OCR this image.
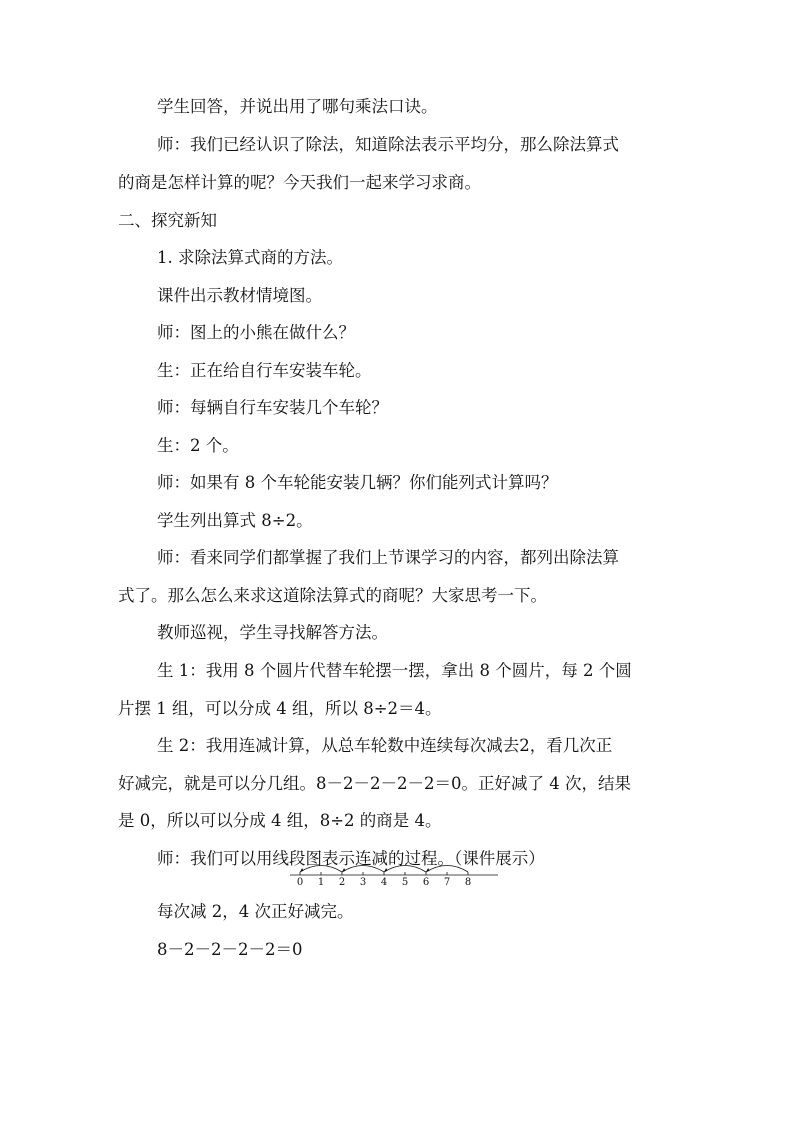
学生回答，并说出用了哪句乘法口诀。
师：我们已经认识了除法，知道除法表示平均分，那么除法算式
的商是怎样计算的呢？今天我们一起来学习求商。
二、探究新知
1. 求除法算式商的方法。
课件出示教材情境图。
师：图上的小熊在做什么？
生：正在给自行车安装车轮。
师：每辆自行车安装几个车轮？
生：2 个。
师：如果有 8 个车轮能安装几辆？你们能列式计算吗？
学生列出算式 8÷2。
师：看来同学们都掌握了我们上节课学习的内容，都列出除法算
式了。那么怎么来求这道除法算式的商呢？大家思考一下。
教师巡视，学生寻找解答方法。
生 1：我用 8 个圆片代替车轮摆一摆，拿出 8 个圆片，每 2 个圆
片摆 1 组，可以分成 4 组，所以 8÷2＝4。
生 2：我用连减计算，从总车轮数中连续每次减去2，看几次正
好减完，就是可以分几组。8－2－2－2－2＝0。正好减了 4 次，结果
是 0，所以可以分成 4 组，8÷2 的商是 4。
师：我们可以用线段图表示连减的过程。（课件展示）
0 1 2 3 4 5 6 7 8
每次减 2，4 次正好减完。
8－2－2－2－2＝0
